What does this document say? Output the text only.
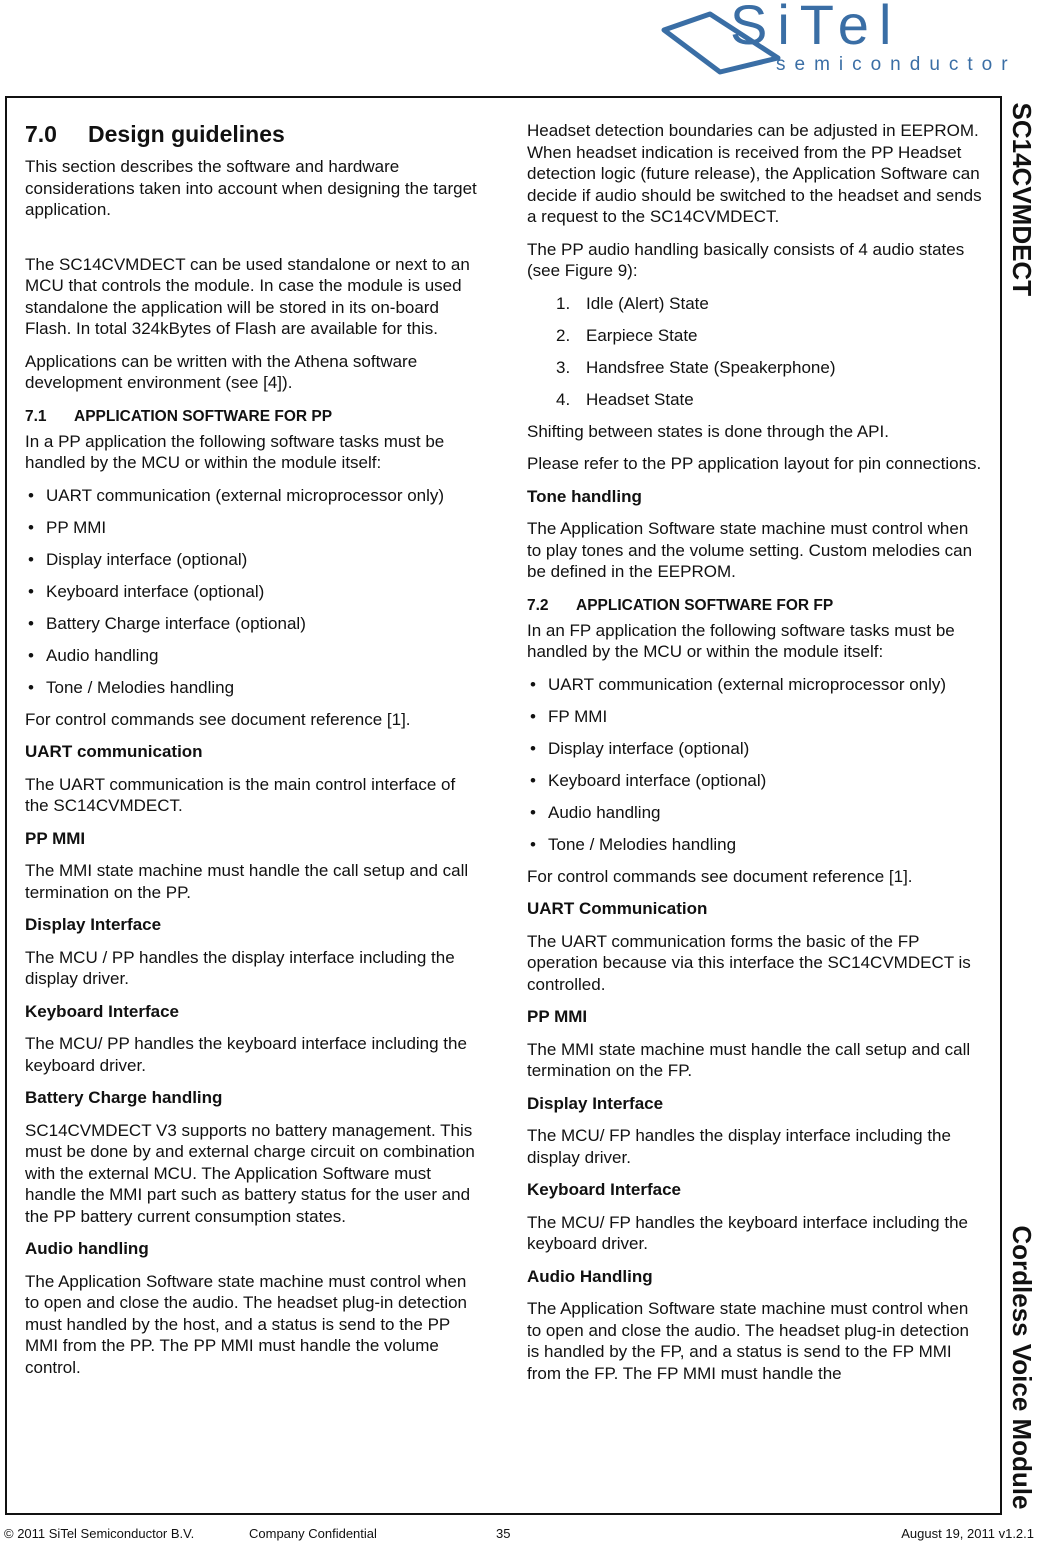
SiTel
semiconductor
SC14CVMDECT
Cordless Voice Module
7.0 Design guidelines

This section describes the software and hardware considerations taken into account when designing the target application.

The SC14CVMDECT can be used standalone or next to an MCU that controls the module. In case the module is used standalone the application will be stored in its on-board Flash. In total 324kBytes of Flash are available for this.

Applications can be written with the Athena software development environment (see [4]).

7.1 APPLICATION SOFTWARE FOR PP

In a PP application the following software tasks must be handled by the MCU or within the module itself:

• UART communication (external microprocessor only)
• PP MMI
• Display interface (optional)
• Keyboard interface (optional)
• Battery Charge interface (optional)
• Audio handling
• Tone / Melodies handling

For control commands see document reference [1].

UART communication

The UART communication is the main control interface of the SC14CVMDECT.

PP MMI

The MMI state machine must handle the call setup and call termination on the PP.

Display Interface

The MCU / PP handles the display interface including the display driver.

Keyboard Interface

The MCU/ PP handles the keyboard interface including the keyboard driver.

Battery Charge handling

SC14CVMDECT V3 supports no battery management. This must be done by and external charge circuit on combination with the external MCU. The Application Software must handle the MMI part such as battery status for the user and the PP battery current consumption states.

Audio handling

The Application Software state machine must control when to open and close the audio. The headset plug-in detection must handled by the host, and a status is send to the PP MMI from the PP. The PP MMI must handle the volume control.

Headset detection boundaries can be adjusted in EEPROM. When headset indication is received from the PP Headset detection logic (future release), the Application Software can decide if audio should be switched to the headset and sends a request to the SC14CVMDECT.

The PP audio handling basically consists of 4 audio states (see Figure 9):

1. Idle (Alert) State
2. Earpiece State
3. Handsfree State (Speakerphone)
4. Headset State

Shifting between states is done through the API.

Please refer to the PP application layout for pin connections.

Tone handling

The Application Software state machine must control when to play tones and the volume setting. Custom melodies can be defined in the EEPROM.

7.2 APPLICATION SOFTWARE FOR FP

In an FP application the following software tasks must be handled by the MCU or within the module itself:

• UART communication (external microprocessor only)
• FP MMI
• Display interface (optional)
• Keyboard interface (optional)
• Audio handling
• Tone / Melodies handling

For control commands see document reference [1].

UART Communication

The UART communication forms the basic of the FP operation because via this interface the SC14CVMDECT is controlled.

PP MMI

The MMI state machine must handle the call setup and call termination on the FP.

Display Interface

The MCU/ FP handles the display interface including the display driver.

Keyboard Interface

The MCU/ FP handles the keyboard interface including the keyboard driver.

Audio Handling

The Application Software state machine must control when to open and close the audio. The headset plug-in detection is handled by the FP, and a status is send to the FP MMI from the FP. The FP MMI must handle the

© 2011 SiTel Semiconductor B.V.	Company Confidential	35	August 19, 2011 v1.2.1
